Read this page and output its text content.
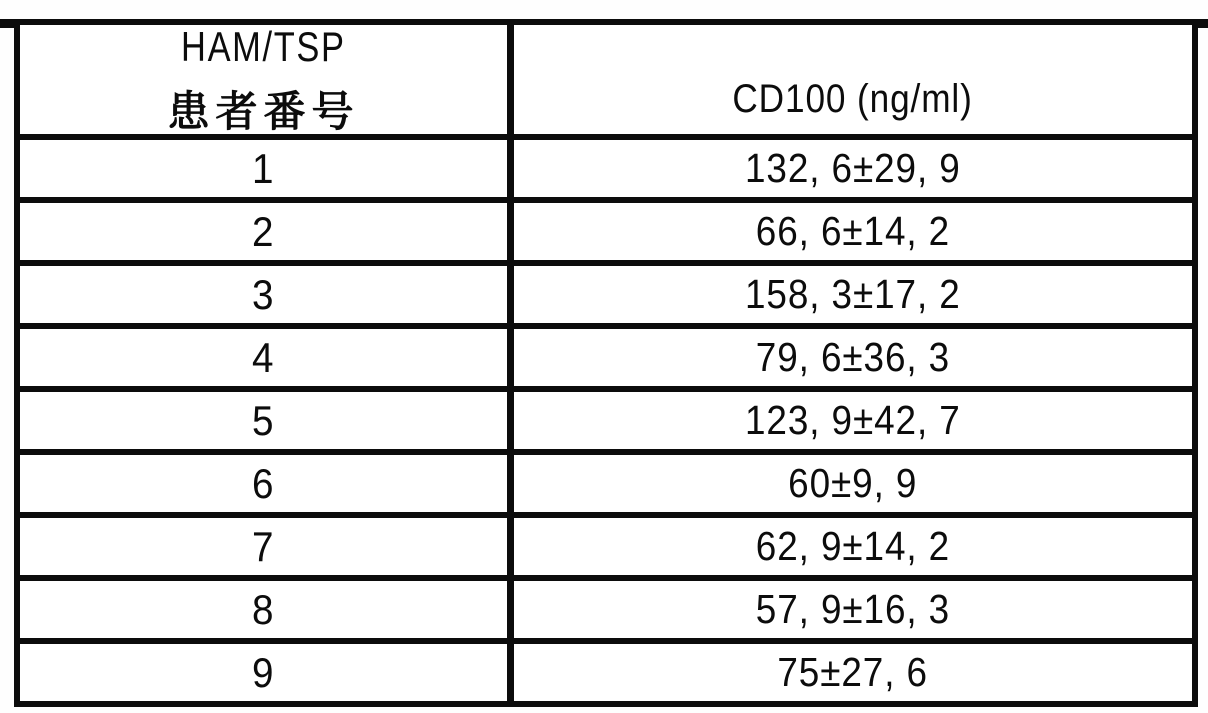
HAM/TSP
患者番号	CD100 (ng/ml)
1	132, 6±29, 9
2	66, 6±14, 2
3	158, 3±17, 2
4	79, 6±36, 3
5	123, 9±42, 7
6	60±9, 9
7	62, 9±14, 2
8	57, 9±16, 3
9	75±27, 6
